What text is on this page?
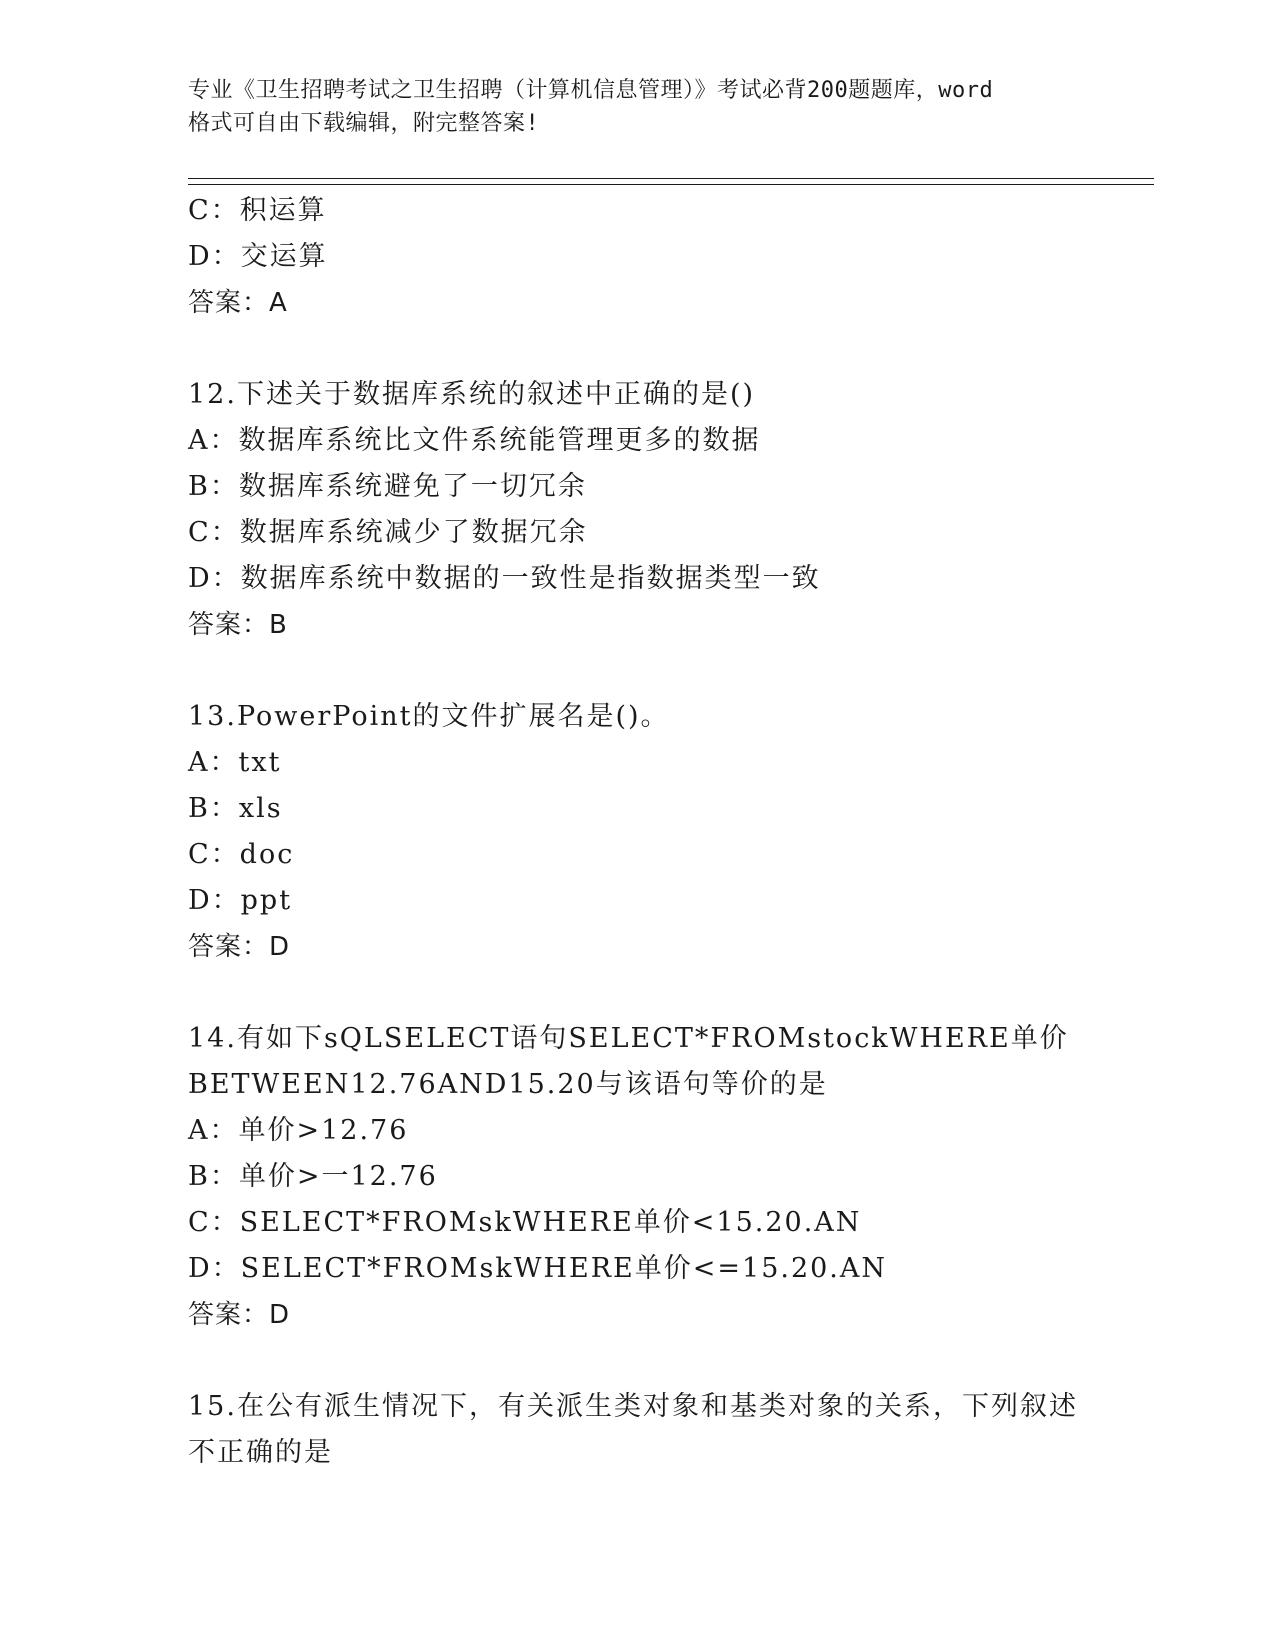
专业《卫生招聘考试之卫生招聘（计算机信息管理）》考试必背200题题库，word
格式可自由下载编辑，附完整答案!
C：积运算
D：交运算
答案：A
12.下述关于数据库系统的叙述中正确的是()
A：数据库系统比文件系统能管理更多的数据
B：数据库系统避免了一切冗余
C：数据库系统减少了数据冗余
D：数据库系统中数据的一致性是指数据类型一致
答案：B
13.PowerPoint的文件扩展名是()。
A：txt
B：xls
C：doc
D：ppt
答案：D
14.有如下sQLSELECT语句SELECT*FROMstockWHERE单价
BETWEEN12.76AND15.20与该语句等价的是
A：单价>12.76
B：单价>一12.76
C：SELECT*FROMskWHERE单价<15.20.AN
D：SELECT*FROMskWHERE单价<=15.20.AN
答案：D
15.在公有派生情况下，有关派生类对象和基类对象的关系，下列叙述
不正确的是
